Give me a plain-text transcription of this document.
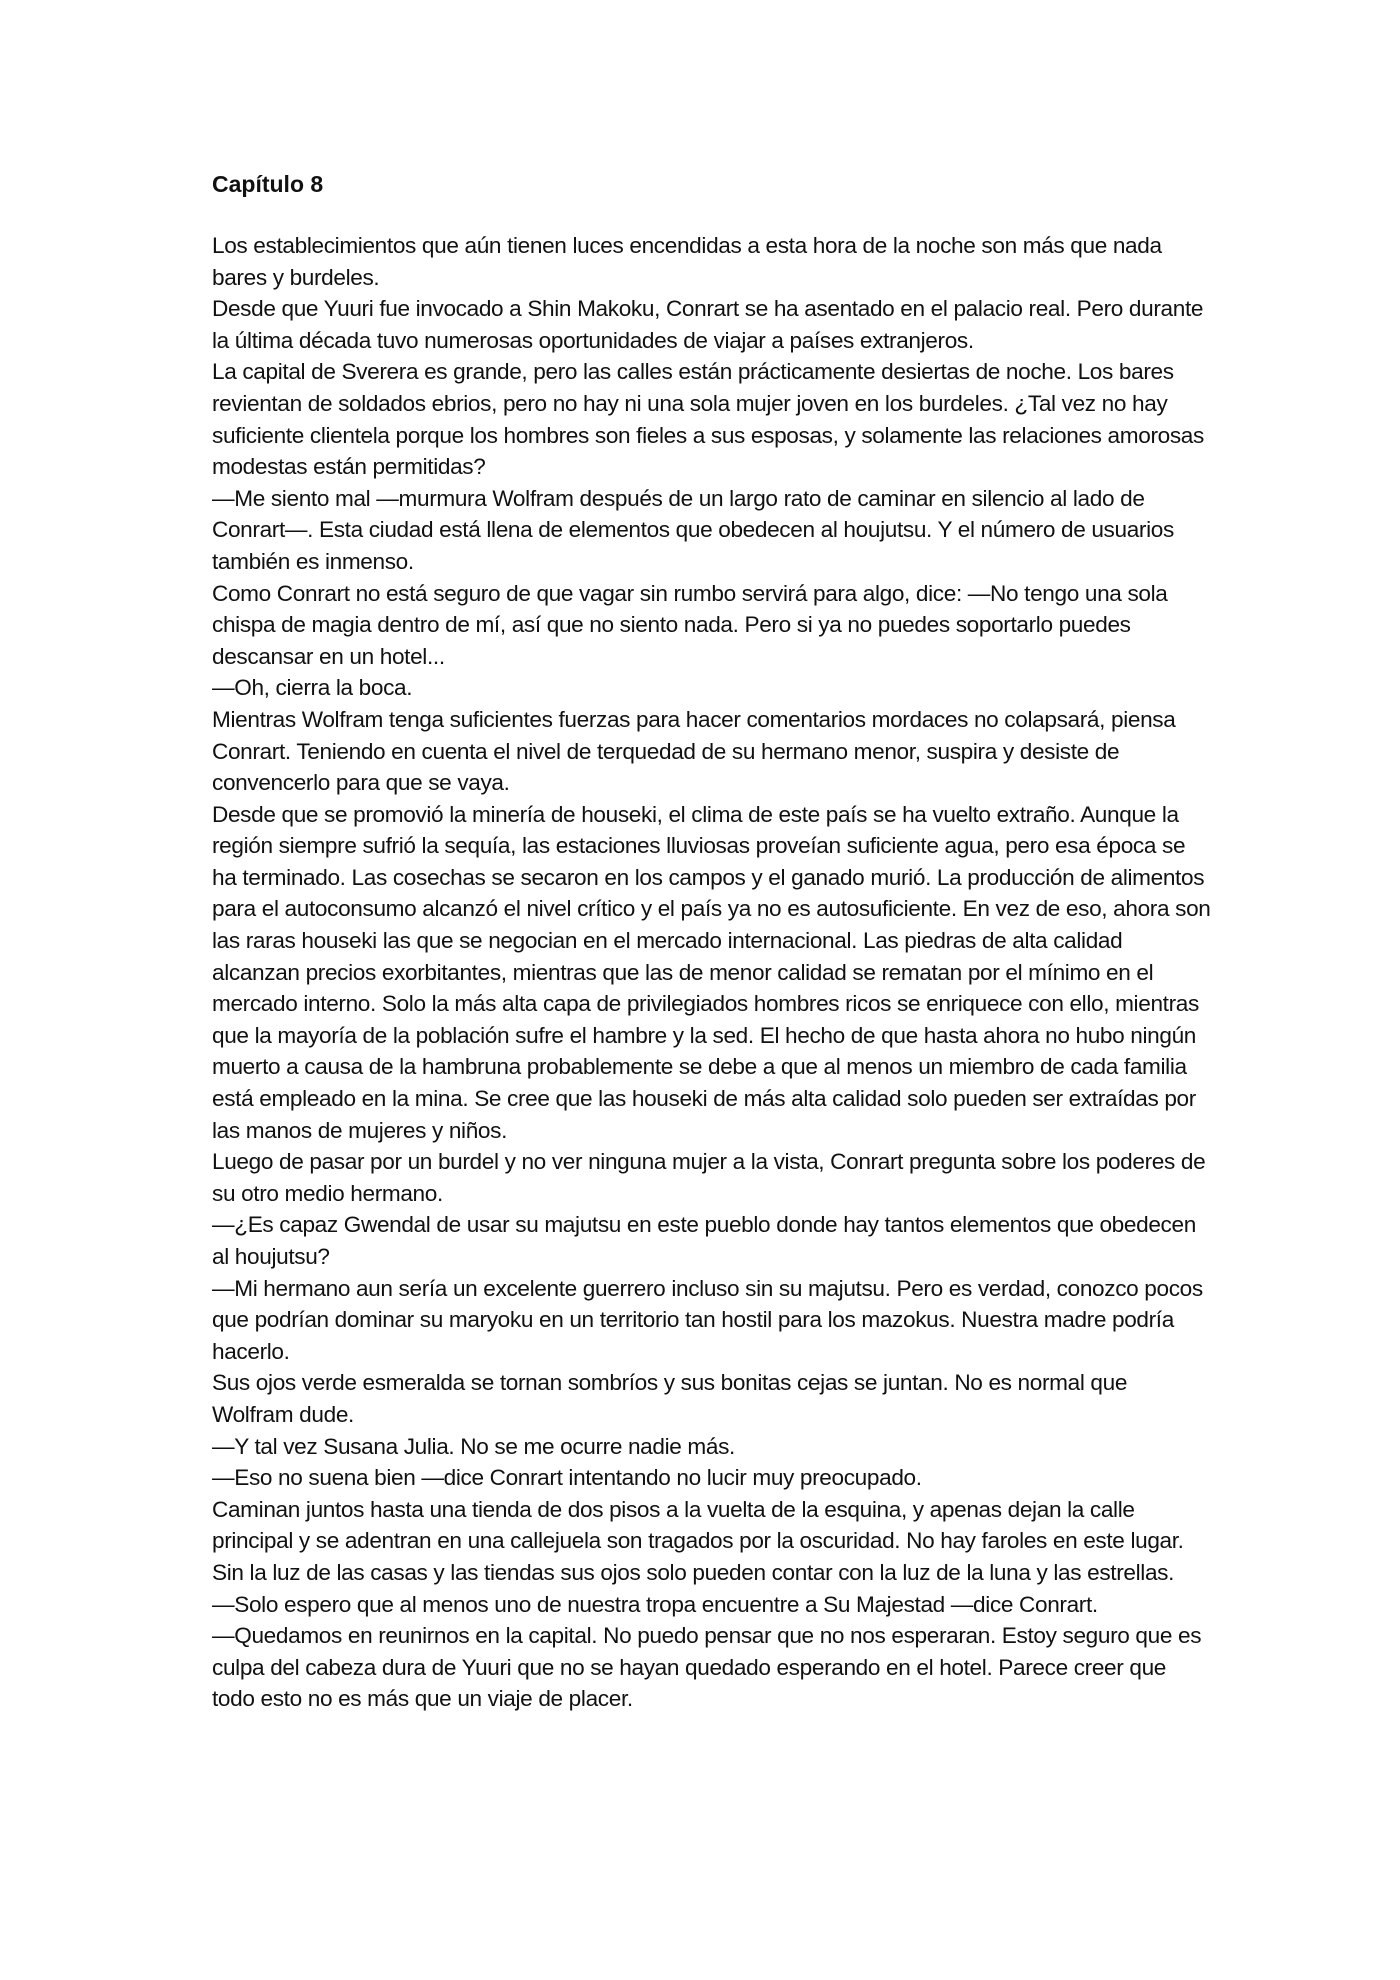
Capítulo 8

Los establecimientos que aún tienen luces encendidas a esta hora de la noche son más que nada bares y burdeles.

Desde que Yuuri fue invocado a Shin Makoku, Conrart se ha asentado en el palacio real. Pero durante la última década tuvo numerosas oportunidades de viajar a países extranjeros.

La capital de Sverera es grande, pero las calles están prácticamente desiertas de noche. Los bares revientan de soldados ebrios, pero no hay ni una sola mujer joven en los burdeles. ¿Tal vez no hay suficiente clientela porque los hombres son fieles a sus esposas, y solamente las relaciones amorosas modestas están permitidas?

—Me siento mal —murmura Wolfram después de un largo rato de caminar en silencio al lado de Conrart—. Esta ciudad está llena de elementos que obedecen al houjutsu. Y el número de usuarios también es inmenso.

Como Conrart no está seguro de que vagar sin rumbo servirá para algo, dice: —No tengo una sola chispa de magia dentro de mí, así que no siento nada. Pero si ya no puedes soportarlo puedes descansar en un hotel...

—Oh, cierra la boca.

Mientras Wolfram tenga suficientes fuerzas para hacer comentarios mordaces no colapsará, piensa Conrart. Teniendo en cuenta el nivel de terquedad de su hermano menor, suspira y desiste de convencerlo para que se vaya.

Desde que se promovió la minería de houseki, el clima de este país se ha vuelto extraño. Aunque la región siempre sufrió la sequía, las estaciones lluviosas proveían suficiente agua, pero esa época se ha terminado. Las cosechas se secaron en los campos y el ganado murió. La producción de alimentos para el autoconsumo alcanzó el nivel crítico y el país ya no es autosuficiente. En vez de eso, ahora son las raras houseki las que se negocian en el mercado internacional. Las piedras de alta calidad alcanzan precios exorbitantes, mientras que las de menor calidad se rematan por el mínimo en el mercado interno. Solo la más alta capa de privilegiados hombres ricos se enriquece con ello, mientras que la mayoría de la población sufre el hambre y la sed. El hecho de que hasta ahora no hubo ningún muerto a causa de la hambruna probablemente se debe a que al menos un miembro de cada familia está empleado en la mina. Se cree que las houseki de más alta calidad solo pueden ser extraídas por las manos de mujeres y niños.

Luego de pasar por un burdel y no ver ninguna mujer a la vista, Conrart pregunta sobre los poderes de su otro medio hermano.

—¿Es capaz Gwendal de usar su majutsu en este pueblo donde hay tantos elementos que obedecen al houjutsu?

—Mi hermano aun sería un excelente guerrero incluso sin su majutsu. Pero es verdad, conozco pocos que podrían dominar su maryoku en un territorio tan hostil para los mazokus. Nuestra madre podría hacerlo.

Sus ojos verde esmeralda se tornan sombríos y sus bonitas cejas se juntan. No es normal que Wolfram dude.

—Y tal vez Susana Julia. No se me ocurre nadie más.

—Eso no suena bien —dice Conrart intentando no lucir muy preocupado.

Caminan juntos hasta una tienda de dos pisos a la vuelta de la esquina, y apenas dejan la calle principal y se adentran en una callejuela son tragados por la oscuridad. No hay faroles en este lugar. Sin la luz de las casas y las tiendas sus ojos solo pueden contar con la luz de la luna y las estrellas.

—Solo espero que al menos uno de nuestra tropa encuentre a Su Majestad —dice Conrart.

—Quedamos en reunirnos en la capital. No puedo pensar que no nos esperaran. Estoy seguro que es culpa del cabeza dura de Yuuri que no se hayan quedado esperando en el hotel. Parece creer que todo esto no es más que un viaje de placer.
